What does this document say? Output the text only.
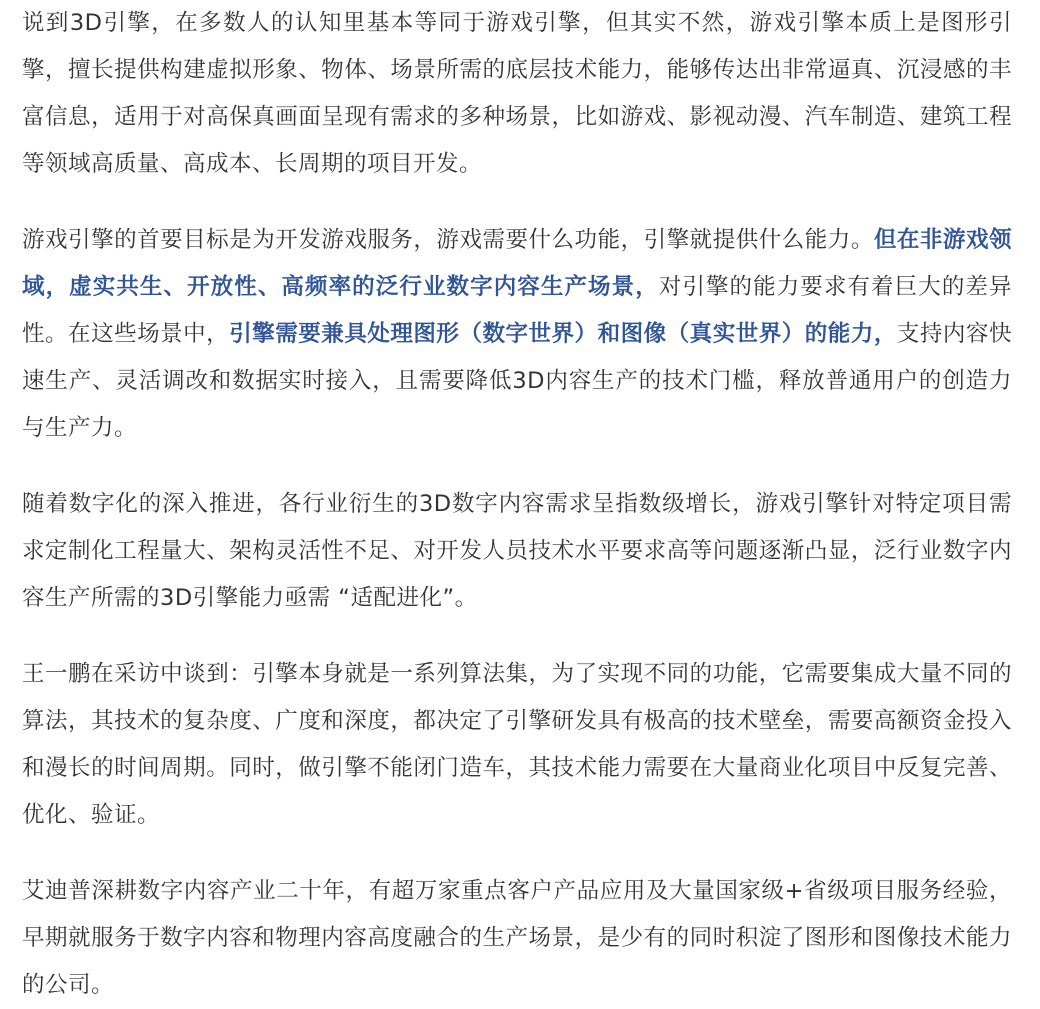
说到3D引擎，在多数人的认知里基本等同于游戏引擎，但其实不然，游戏引擎本质上是图形引擎，擅长提供构建虚拟形象、物体、场景所需的底层技术能力，能够传达出非常逼真、沉浸感的丰富信息，适用于对高保真画面呈现有需求的多种场景，比如游戏、影视动漫、汽车制造、建筑工程等领域高质量、高成本、长周期的项目开发。

游戏引擎的首要目标是为开发游戏服务，游戏需要什么功能，引擎就提供什么能力。但在非游戏领域，虚实共生、开放性、高频率的泛行业数字内容生产场景，对引擎的能力要求有着巨大的差异性。在这些场景中，引擎需要兼具处理图形（数字世界）和图像（真实世界）的能力，支持内容快速生产、灵活调改和数据实时接入，且需要降低3D内容生产的技术门槛，释放普通用户的创造力与生产力。

随着数字化的深入推进，各行业衍生的3D数字内容需求呈指数级增长，游戏引擎针对特定项目需求定制化工程量大、架构灵活性不足、对开发人员技术水平要求高等问题逐渐凸显，泛行业数字内容生产所需的3D引擎能力亟需 “适配进化”。

王一鹏在采访中谈到：引擎本身就是一系列算法集，为了实现不同的功能，它需要集成大量不同的算法，其技术的复杂度、广度和深度，都决定了引擎研发具有极高的技术壁垒，需要高额资金投入和漫长的时间周期。同时，做引擎不能闭门造车，其技术能力需要在大量商业化项目中反复完善、优化、验证。

艾迪普深耕数字内容产业二十年，有超万家重点客户产品应用及大量国家级+省级项目服务经验，早期就服务于数字内容和物理内容高度融合的生产场景，是少有的同时积淀了图形和图像技术能力的公司。
